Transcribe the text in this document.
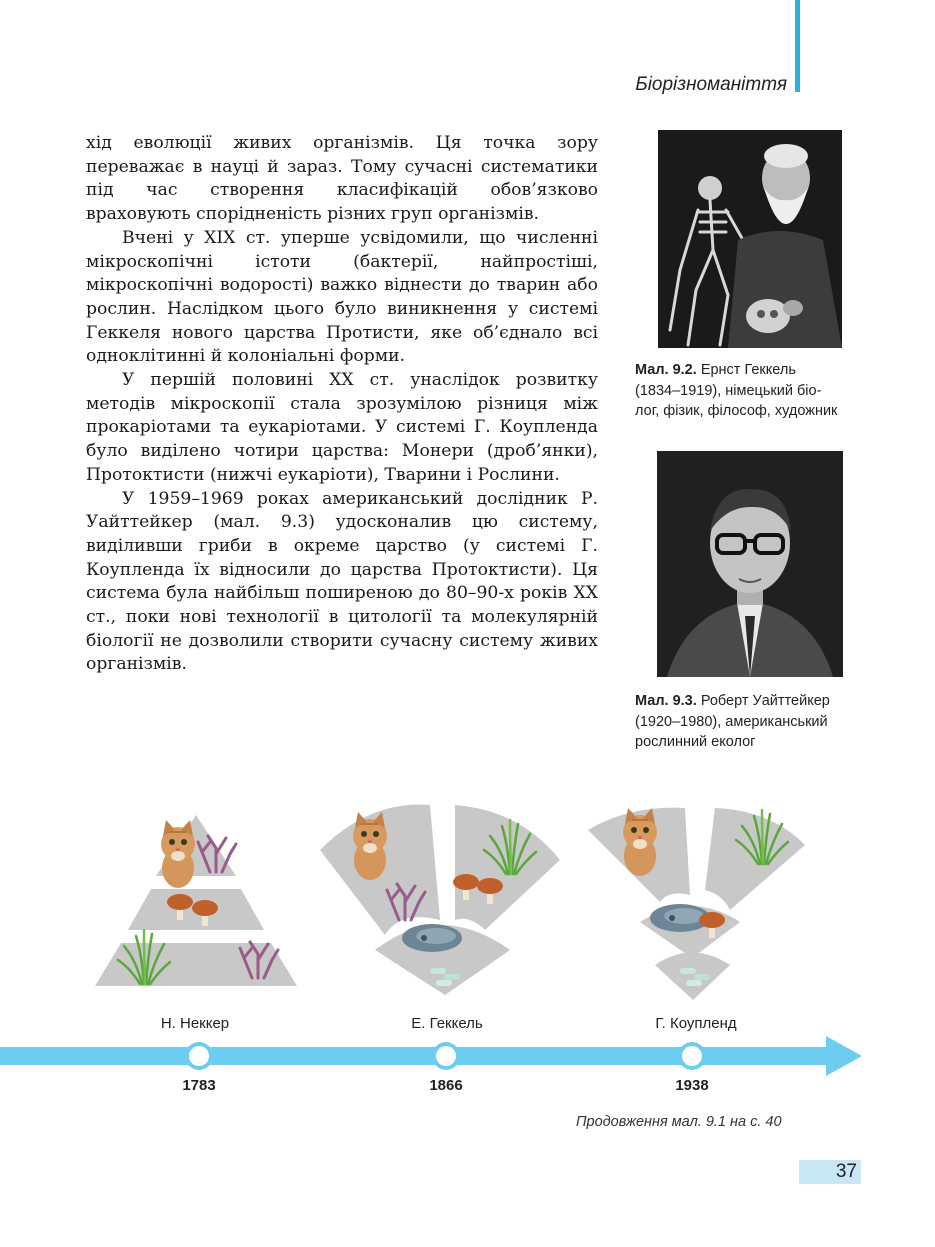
Біорізноманіття

хід еволюції живих організмів. Ця точка зору переважає в науці й зараз. Тому сучасні систематики під час створення класифікацій обов’язково враховують спорідненість різних груп організмів.

Вчені у XIX ст. уперше усвідомили, що численні мікроскопічні істоти (бактерії, найпростіші, мікроскопічні водорості) важко віднести до тварин або рослин. Наслідком цього було виникнення у системі Геккеля нового царства Протисти, яке об’єднало всі одноклітинні й колоніальні форми.

У першій половині XX ст. унаслідок розвитку методів мікроскопії стала зрозумілою різниця між прокаріотами та еукаріотами. У системі Г. Коупленда було виділено чотири царства: Монери (дроб’янки), Протоктисти (нижчі еукаріоти), Тварини і Рослини.

У 1959–1969 роках американський дослідник Р. Уайттейкер (мал. 9.3) удосконалив цю систему, виділивши гриби в окреме царство (у системі Г. Коупленда їх відносили до царства Протоктисти). Ця система була найбільш поширеною до 80–90-х років XX ст., поки нові технології в цитології та молекулярній біології не дозволили створити сучасну систему живих організмів.

Мал. 9.2. Ернст Геккель
(1834–1919), німецький біо-
лог, фізик, філософ, художник
Мал. 9.3. Роберт Уайттейкер
(1920–1980), американський
рослинний еколог
Н. Неккер	Е. Геккель	Г. Коупленд
1783	1866	1938
Продовження мал. 9.1 на с. 40
37
